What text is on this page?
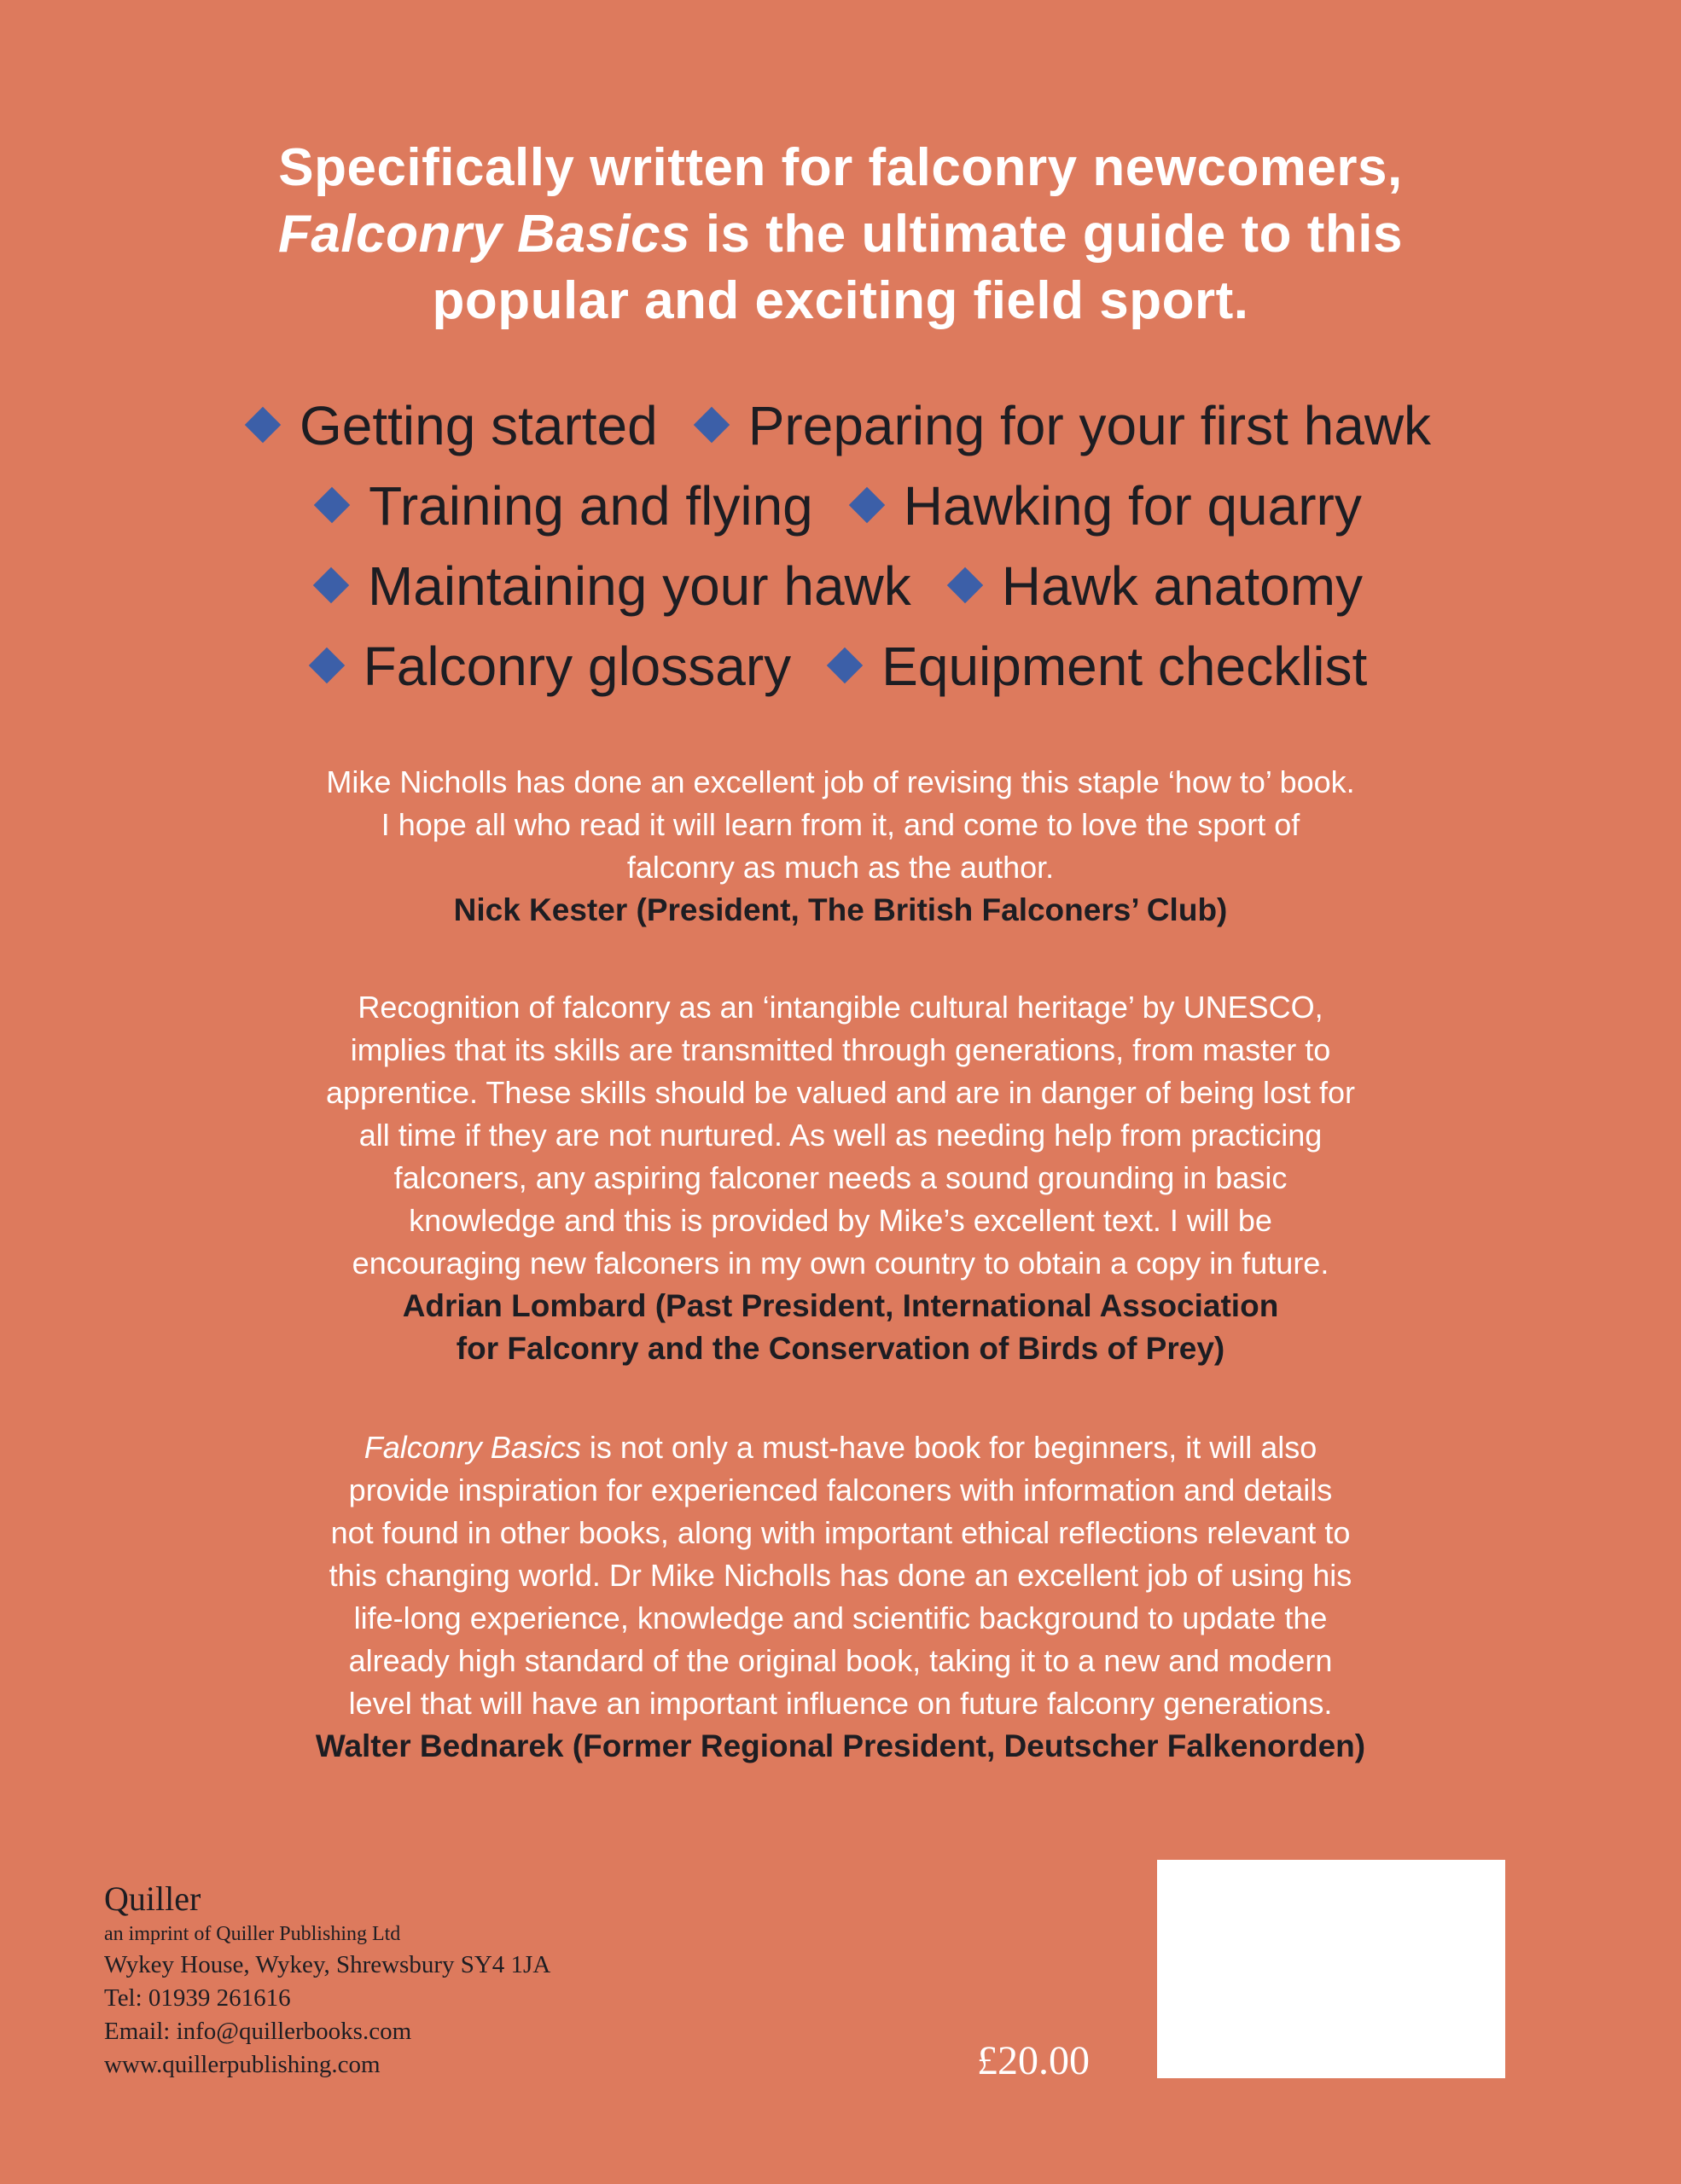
Specifically written for falconry newcomers,
Falconry Basics is the ultimate guide to this
popular and exciting field sport.
Getting started Preparing for your first hawk
Training and flying Hawking for quarry
Maintaining your hawk Hawk anatomy
Falconry glossary Equipment checklist
Mike Nicholls has done an excellent job of revising this staple ‘how to’ book.
I hope all who read it will learn from it, and come to love the sport of
falconry as much as the author.
Nick Kester (President, The British Falconers’ Club)
Recognition of falconry as an ‘intangible cultural heritage’ by UNESCO,
implies that its skills are transmitted through generations, from master to
apprentice. These skills should be valued and are in danger of being lost for
all time if they are not nurtured. As well as needing help from practicing
falconers, any aspiring falconer needs a sound grounding in basic
knowledge and this is provided by Mike’s excellent text. I will be
encouraging new falconers in my own country to obtain a copy in future.
Adrian Lombard (Past President, International Association
for Falconry and the Conservation of Birds of Prey)
Falconry Basics is not only a must-have book for beginners, it will also
provide inspiration for experienced falconers with information and details
not found in other books, along with important ethical reflections relevant to
this changing world. Dr Mike Nicholls has done an excellent job of using his
life-long experience, knowledge and scientific background to update the
already high standard of the original book, taking it to a new and modern
level that will have an important influence on future falconry generations.
Walter Bednarek (Former Regional President, Deutscher Falkenorden)
Quiller
an imprint of Quiller Publishing Ltd
Wykey House, Wykey, Shrewsbury SY4 1JA
Tel: 01939 261616
Email: info@quillerbooks.com
www.quillerpublishing.com	£20.00
